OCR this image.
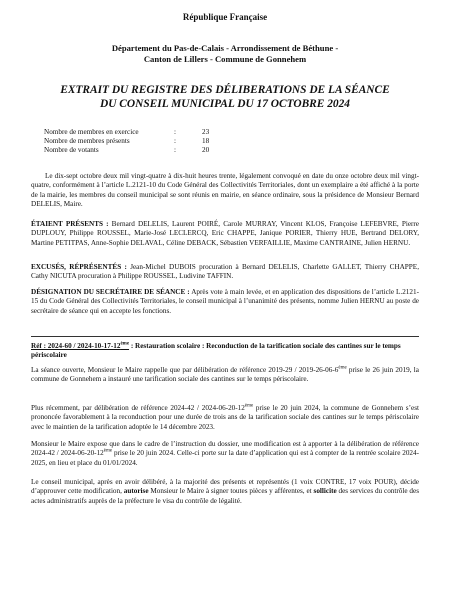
République Française
Département du Pas-de-Calais - Arrondissement de Béthune -
Canton de Lillers - Commune de Gonnehem
EXTRAIT DU REGISTRE DES DÉLIBERATIONS DE LA SÉANCE
DU CONSEIL MUNICIPAL DU 17 OCTOBRE 2024
Nombre de membres en exercice	:	23
Nombre de membres présents	:	18
Nombre de votants	:	20
Le dix-sept octobre deux mil vingt-quatre à dix-huit heures trente, légalement convoqué en date du onze octobre deux mil vingt-quatre, conformément à l’article L.2121-10 du Code Général des Collectivités Territoriales, dont un exemplaire a été affiché à la porte de la mairie, les membres du conseil municipal se sont réunis en mairie, en séance ordinaire, sous la présidence de Monsieur Bernard DELELIS, Maire.
ÉTAIENT PRÉSENTS : Bernard DELELIS, Laurent POIRÉ, Carole MURRAY, Vincent KLOS, Françoise LEFEBVRE, Pierre DUPLOUY, Philippe ROUSSEL, Marie-José LECLERCQ, Eric CHAPPE, Janique PORIER, Thierry HUE, Bertrand DELORY, Martine PETITPAS, Anne-Sophie DELAVAL, Céline DEBACK, Sébastien VERFAILLIE, Maxime CANTRAINE, Julien HERNU.
EXCUSÉS, RÉPRÉSENTÉS : Jean-Michel DUBOIS procuration à Bernard DELELIS, Charlette GALLET, Thierry CHAPPE, Cathy NICUTA procuration à Philippe ROUSSEL, Ludivine TAFFIN.
DÉSIGNATION DU SECRÉTAIRE DE SÉANCE : Après vote à main levée, et en application des dispositions de l’article L.2121-15 du Code Général des Collectivités Territoriales, le conseil municipal à l’unanimité des présents, nomme Julien HERNU au poste de secrétaire de séance qui en accepte les fonctions.
Réf : 2024-60 / 2024-10-17-12ème : Restauration scolaire : Reconduction de la tarification sociale des cantines sur le temps périscolaire
La séance ouverte, Monsieur le Maire rappelle que par délibération de référence 2019-29 / 2019-26-06-6ème prise le 26 juin 2019, la commune de Gonnehem a instauré une tarification sociale des cantines sur le temps périscolaire.
Plus récemment, par délibération de référence 2024-42 / 2024-06-20-12ème prise le 20 juin 2024, la commune de Gonnehem s’est prononcée favorablement à la reconduction pour une durée de trois ans de la tarification sociale des cantines sur le temps périscolaire avec le maintien de la tarification adoptée le 14 décembre 2023.
Monsieur le Maire expose que dans le cadre de l’instruction du dossier, une modification est à apporter à la délibération de référence 2024-42 / 2024-06-20-12ème prise le 20 juin 2024. Celle-ci porte sur la date d’application qui est à compter de la rentrée scolaire 2024-2025, en lieu et place du 01/01/2024.
Le conseil municipal, après en avoir délibéré, à la majorité des présents et représentés (1 voix CONTRE, 17 voix POUR), décide d’approuver cette modification, autorise Monsieur le Maire à signer toutes pièces y afférentes, et sollicite des services du contrôle des actes administratifs auprès de la préfecture le visa du contrôle de légalité.
